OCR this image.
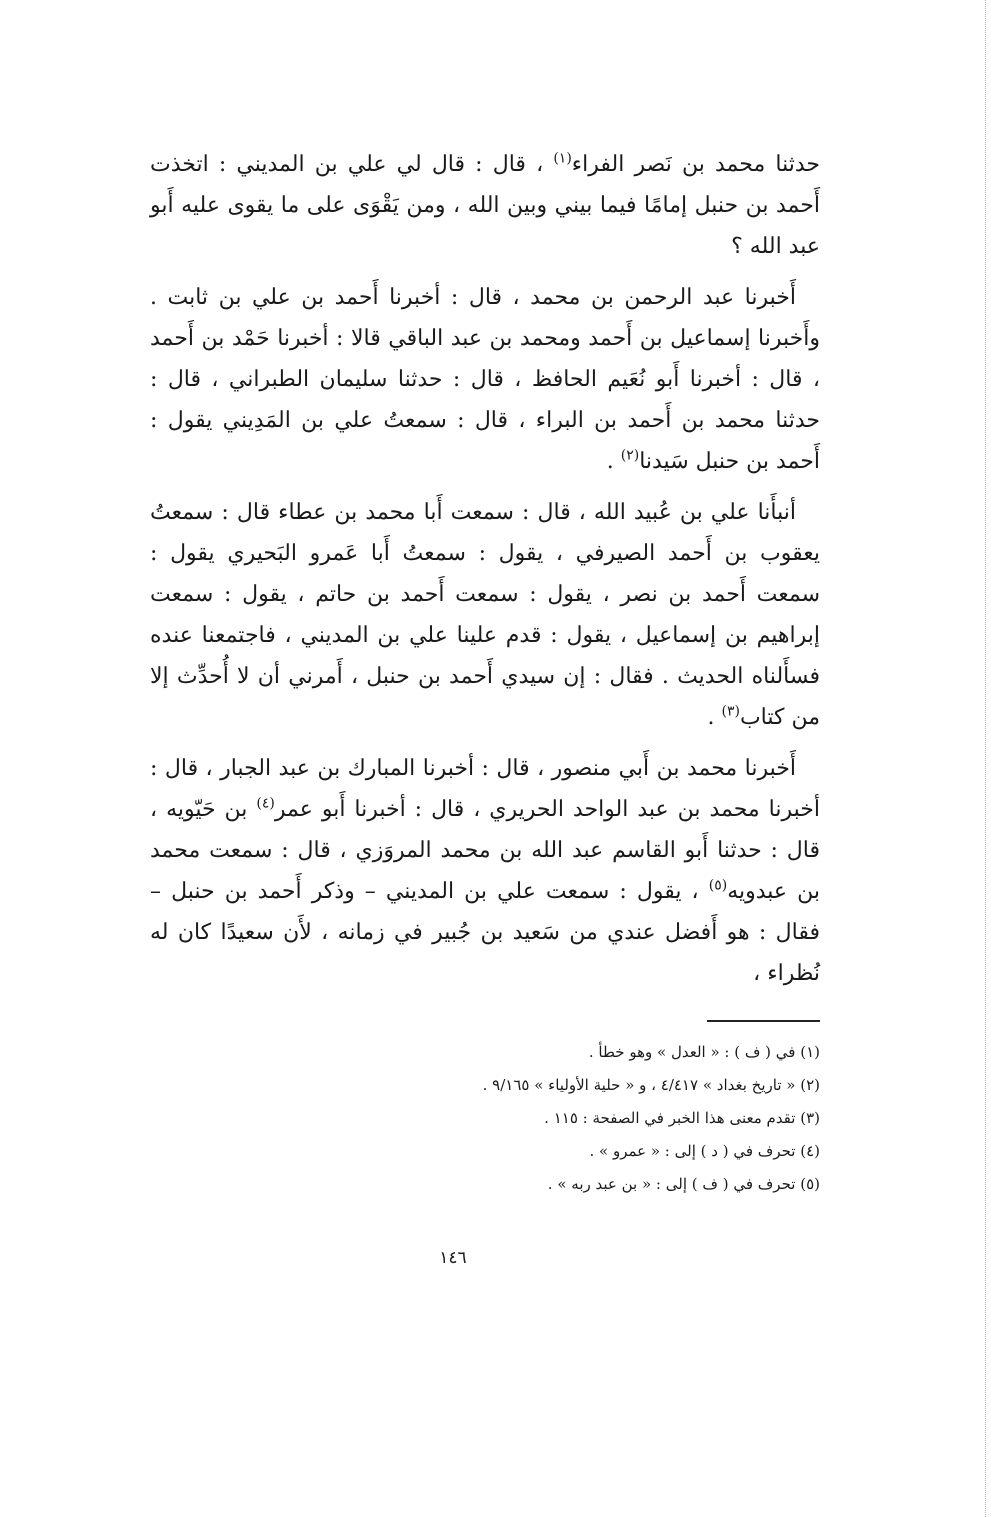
حدثنا محمد بن نَصر الفراء$^{(١)}$ ، قال : قال لي علي بن المديني : اتخذت أَحمد بن حنبل إمامًا فيما بيني وبين الله ، ومن يَقْوَى على ما يقوى عليه أَبو عبد الله ؟

أَخبرنا عبد الرحمن بن محمد ، قال : أخبرنا أَحمد بن علي بن ثابت . وأَخبرنا إسماعيل بن أَحمد ومحمد بن عبد الباقي قالا : أخبرنا حَمْد بن أَحمد ، قال : أخبرنا أَبو نُعَيم الحافظ ، قال : حدثنا سليمان الطبراني ، قال : حدثنا محمد بن أَحمد بن البراء ، قال : سمعتُ علي بن المَدِيني يقول : أَحمد بن حنبل سَيدنا$^{(٢)}$ .

أنبأَنا علي بن عُبيد الله ، قال : سمعت أَبا محمد بن عطاء قال : سمعتُ يعقوب بن أَحمد الصيرفي ، يقول : سمعتُ أَبا عَمرو البَحيري يقول : سمعت أَحمد بن نصر ، يقول : سمعت أَحمد بن حاتم ، يقول : سمعت إبراهيم بن إسماعيل ، يقول : قدم علينا علي بن المديني ، فاجتمعنا عنده فسأَلناه الحديث . فقال : إن سيدي أَحمد بن حنبل ، أَمرني أن لا أُحدِّث إلا من كتاب$^{(٣)}$ .

أَخبرنا محمد بن أَبي منصور ، قال : أخبرنا المبارك بن عبد الجبار ، قال : أخبرنا محمد بن عبد الواحد الحريري ، قال : أخبرنا أَبو عمر$^{(٤)}$ بن حَيّويه ، قال : حدثنا أَبو القاسم عبد الله بن محمد المروَزي ، قال : سمعت محمد بن عبدويه$^{(٥)}$ ، يقول : سمعت علي بن المديني – وذكر أَحمد بن حنبل – فقال : هو أَفضل عندي من سَعيد بن جُبير في زمانه ، لأَن سعيدًا كان له نُظراء ،

(١) في ( ف ) : « العدل » وهو خطأ .

(٢) « تاريخ بغداد » ٤/٤١٧ ، و « حلية الأولياء » ٩/١٦٥ .

(٣) تقدم معنى هذا الخبر في الصفحة : ١١٥ .

(٤) تحرف في ( د ) إلى : « عمرو » .

(٥) تحرف في ( ف ) إلى : « بن عبد ربه » .

١٤٦
